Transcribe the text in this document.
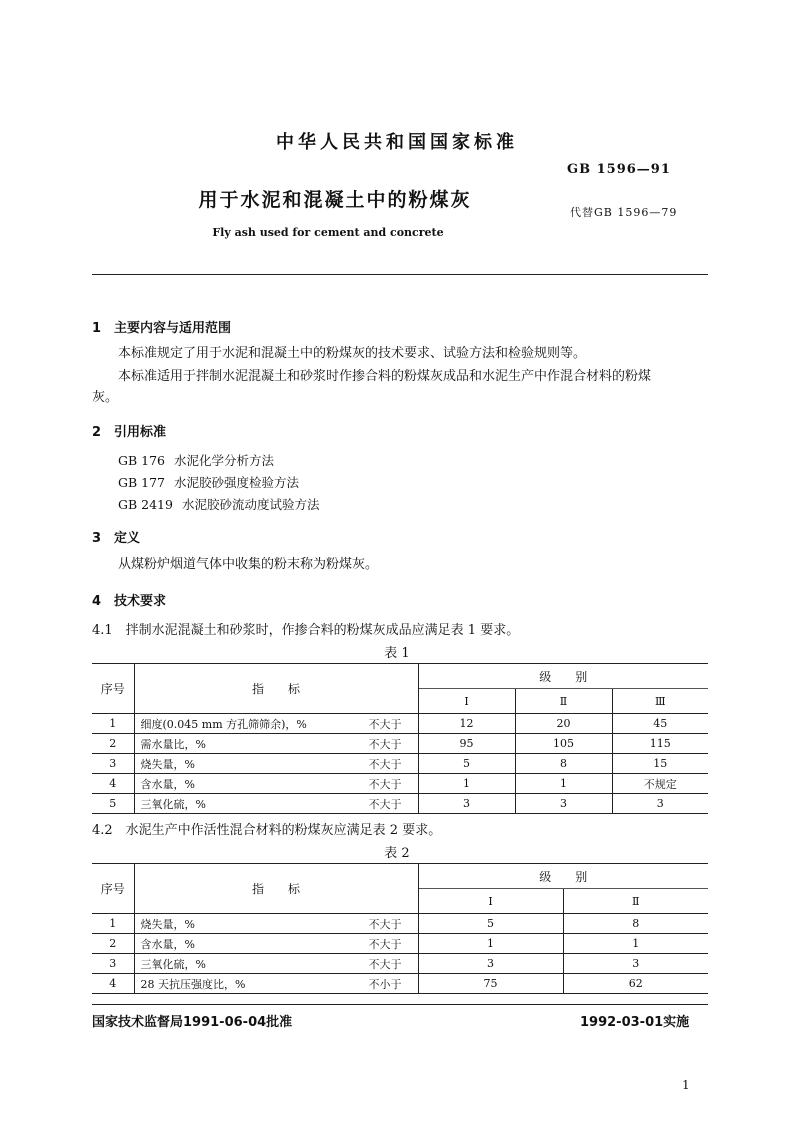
中华人民共和国国家标准
GB 1596—91
用于水泥和混凝土中的粉煤灰
代替GB 1596—79
Fly ash used for cement and concrete
1　主要内容与适用范围
本标准规定了用于水泥和混凝土中的粉煤灰的技术要求、试验方法和检验规则等。
本标准适用于拌制水泥混凝土和砂浆时作掺合料的粉煤灰成品和水泥生产中作混合材料的粉煤
灰。
2　引用标准
GB 176 水泥化学分析方法
GB 177 水泥胶砂强度检验方法
GB 2419 水泥胶砂流动度试验方法
3　定义
从煤粉炉烟道气体中收集的粉末称为粉煤灰。
4　技术要求
4.1　拌制水泥混凝土和砂浆时，作掺合料的粉煤灰成品应满足表 1 要求。
表 1
序号	指　　标	级　　别		
		Ⅰ	Ⅱ	Ⅲ
1	细度(0.045 mm 方孔筛筛余)，% 不大于	12	20	45
2	需水量比，% 不大于	95	105	115
3	烧失量，% 不大于	5	8	15
4	含水量，% 不大于	1	1	不规定
5	三氧化硫，% 不大于	3	3	3
4.2　水泥生产中作活性混合材料的粉煤灰应满足表 2 要求。
表 2
序号	指　　标	级　　别	
		Ⅰ	Ⅱ
1	烧失量，% 不大于	5	8
2	含水量，% 不大于	1	1
3	三氧化硫，% 不大于	3	3
4	28 天抗压强度比，% 不小于	75	62
国家技术监督局1991-06-04批准	1992-03-01实施
1
